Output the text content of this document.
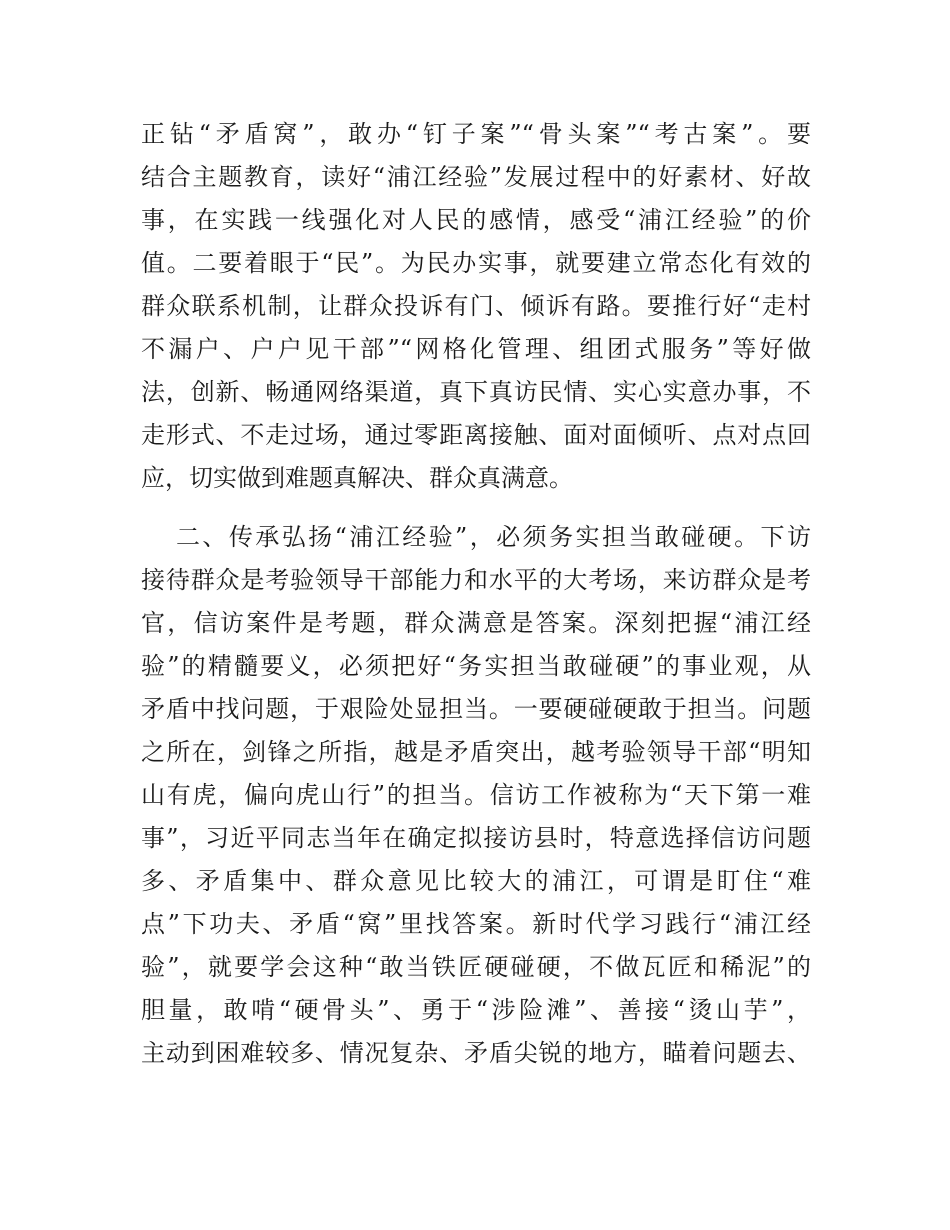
正钻“矛盾窝”，敢办“钉子案”“骨头案”“考古案”。要
结合主题教育，读好“浦江经验”发展过程中的好素材、好故
事，在实践一线强化对人民的感情，感受“浦江经验”的价
值。二要着眼于“民”。为民办实事，就要建立常态化有效的
群众联系机制，让群众投诉有门、倾诉有路。要推行好“走村
不漏户、户户见干部”“网格化管理、组团式服务”等好做
法，创新、畅通网络渠道，真下真访民情、实心实意办事，不
走形式、不走过场，通过零距离接触、面对面倾听、点对点回
应，切实做到难题真解决、群众真满意。
二、传承弘扬“浦江经验”，必须务实担当敢碰硬。下访
接待群众是考验领导干部能力和水平的大考场，来访群众是考
官，信访案件是考题，群众满意是答案。深刻把握“浦江经
验”的精髓要义，必须把好“务实担当敢碰硬”的事业观，从
矛盾中找问题，于艰险处显担当。一要硬碰硬敢于担当。问题
之所在，剑锋之所指，越是矛盾突出，越考验领导干部“明知
山有虎，偏向虎山行”的担当。信访工作被称为“天下第一难
事”，习近平同志当年在确定拟接访县时，特意选择信访问题
多、矛盾集中、群众意见比较大的浦江，可谓是盯住“难
点”下功夫、矛盾“窝”里找答案。新时代学习践行“浦江经
验”，就要学会这种“敢当铁匠硬碰硬，不做瓦匠和稀泥”的
胆量，敢啃“硬骨头”、勇于“涉险滩”、善接“烫山芋”，
主动到困难较多、情况复杂、矛盾尖锐的地方，瞄着问题去、
